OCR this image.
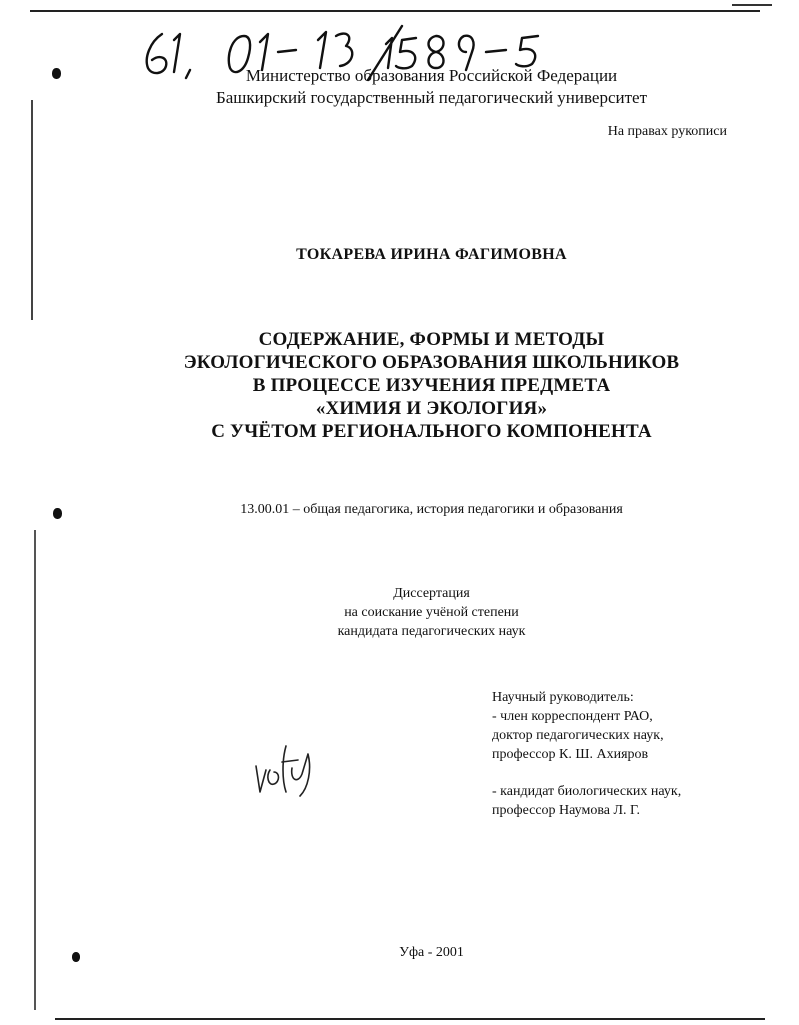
Министерство образования Российской Федерации
Башкирский государственный педагогический университет
На правах рукописи
ТОКАРЕВА ИРИНА ФАГИМОВНА
СОДЕРЖАНИЕ, ФОРМЫ И МЕТОДЫ
ЭКОЛОГИЧЕСКОГО ОБРАЗОВАНИЯ ШКОЛЬНИКОВ
В ПРОЦЕССЕ ИЗУЧЕНИЯ ПРЕДМЕТА
«ХИМИЯ И ЭКОЛОГИЯ»
С УЧЁТОМ РЕГИОНАЛЬНОГО КОМПОНЕНТА
13.00.01 – общая педагогика, история педагогики и образования
Диссертация
на соискание учёной степени
кандидата педагогических наук
Научный руководитель:
- член корреспондент РАО,
доктор педагогических наук,
профессор К. Ш. Ахияров
- кандидат биологических наук,
профессор Наумова Л. Г.
Уфа - 2001
